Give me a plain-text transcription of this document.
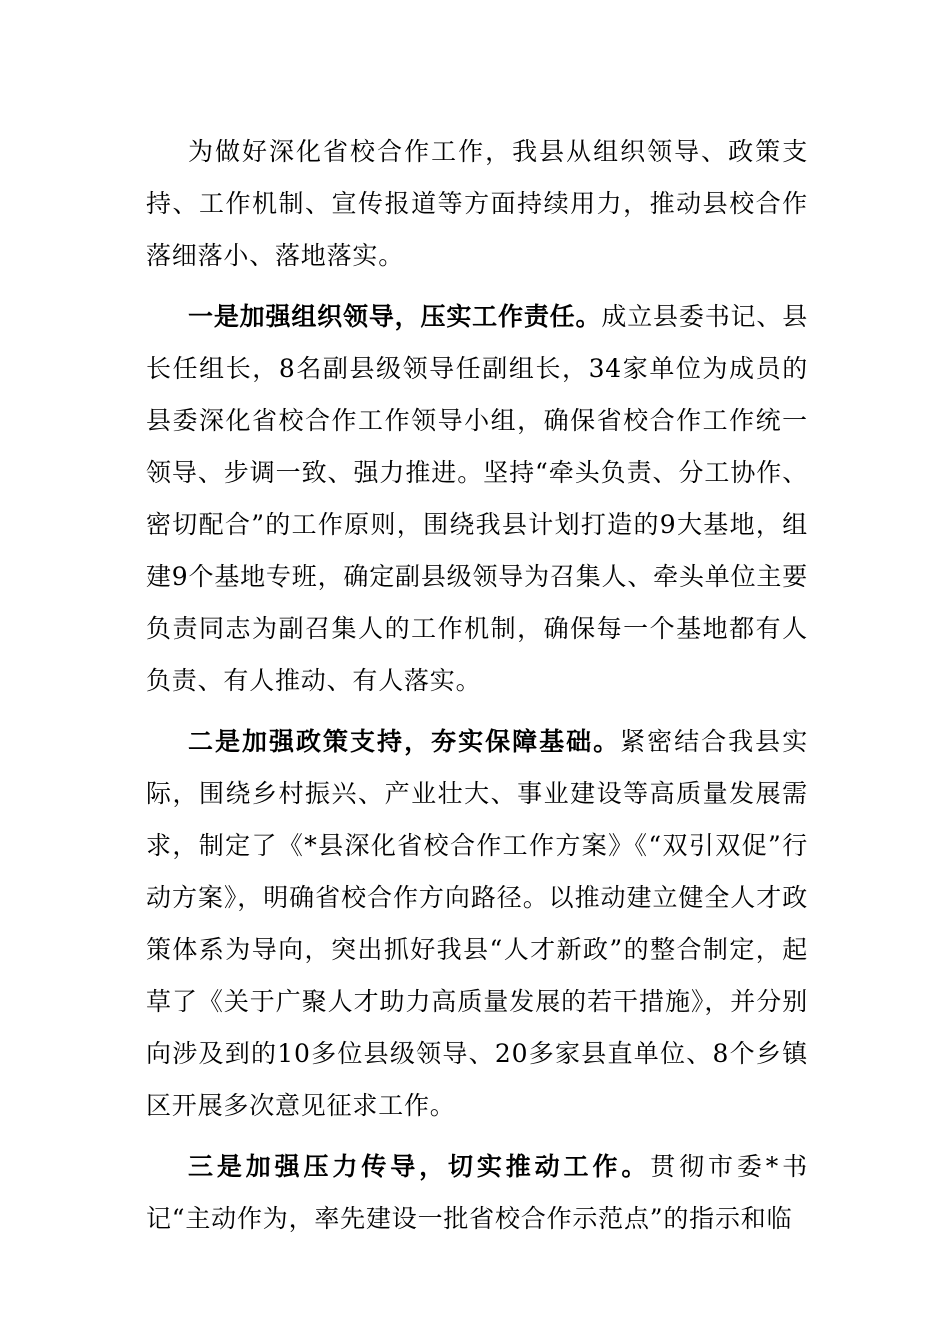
为做好深化省校合作工作，我县从组织领导、政策支持、工作机制、宣传报道等方面持续用力，推动县校合作落细落小、落地落实。

一是加强组织领导，压实工作责任。成立县委书记、县长任组长，8名副县级领导任副组长，34家单位为成员的县委深化省校合作工作领导小组，确保省校合作工作统一领导、步调一致、强力推进。坚持“牵头负责、分工协作、密切配合”的工作原则，围绕我县计划打造的9大基地，组建9个基地专班，确定副县级领导为召集人、牵头单位主要负责同志为副召集人的工作机制，确保每一个基地都有人负责、有人推动、有人落实。

二是加强政策支持，夯实保障基础。紧密结合我县实际，围绕乡村振兴、产业壮大、事业建设等高质量发展需求，制定了《*县深化省校合作工作方案》《“双引双促”行动方案》，明确省校合作方向路径。以推动建立健全人才政策体系为导向，突出抓好我县“人才新政”的整合制定，起草了《关于广聚人才助力高质量发展的若干措施》，并分别向涉及到的10多位县级领导、20多家县直单位、8个乡镇区开展多次意见征求工作。

三是加强压力传导，切实推动工作。贯彻市委*书记“主动作为，率先建设一批省校合作示范点”的指示和临
